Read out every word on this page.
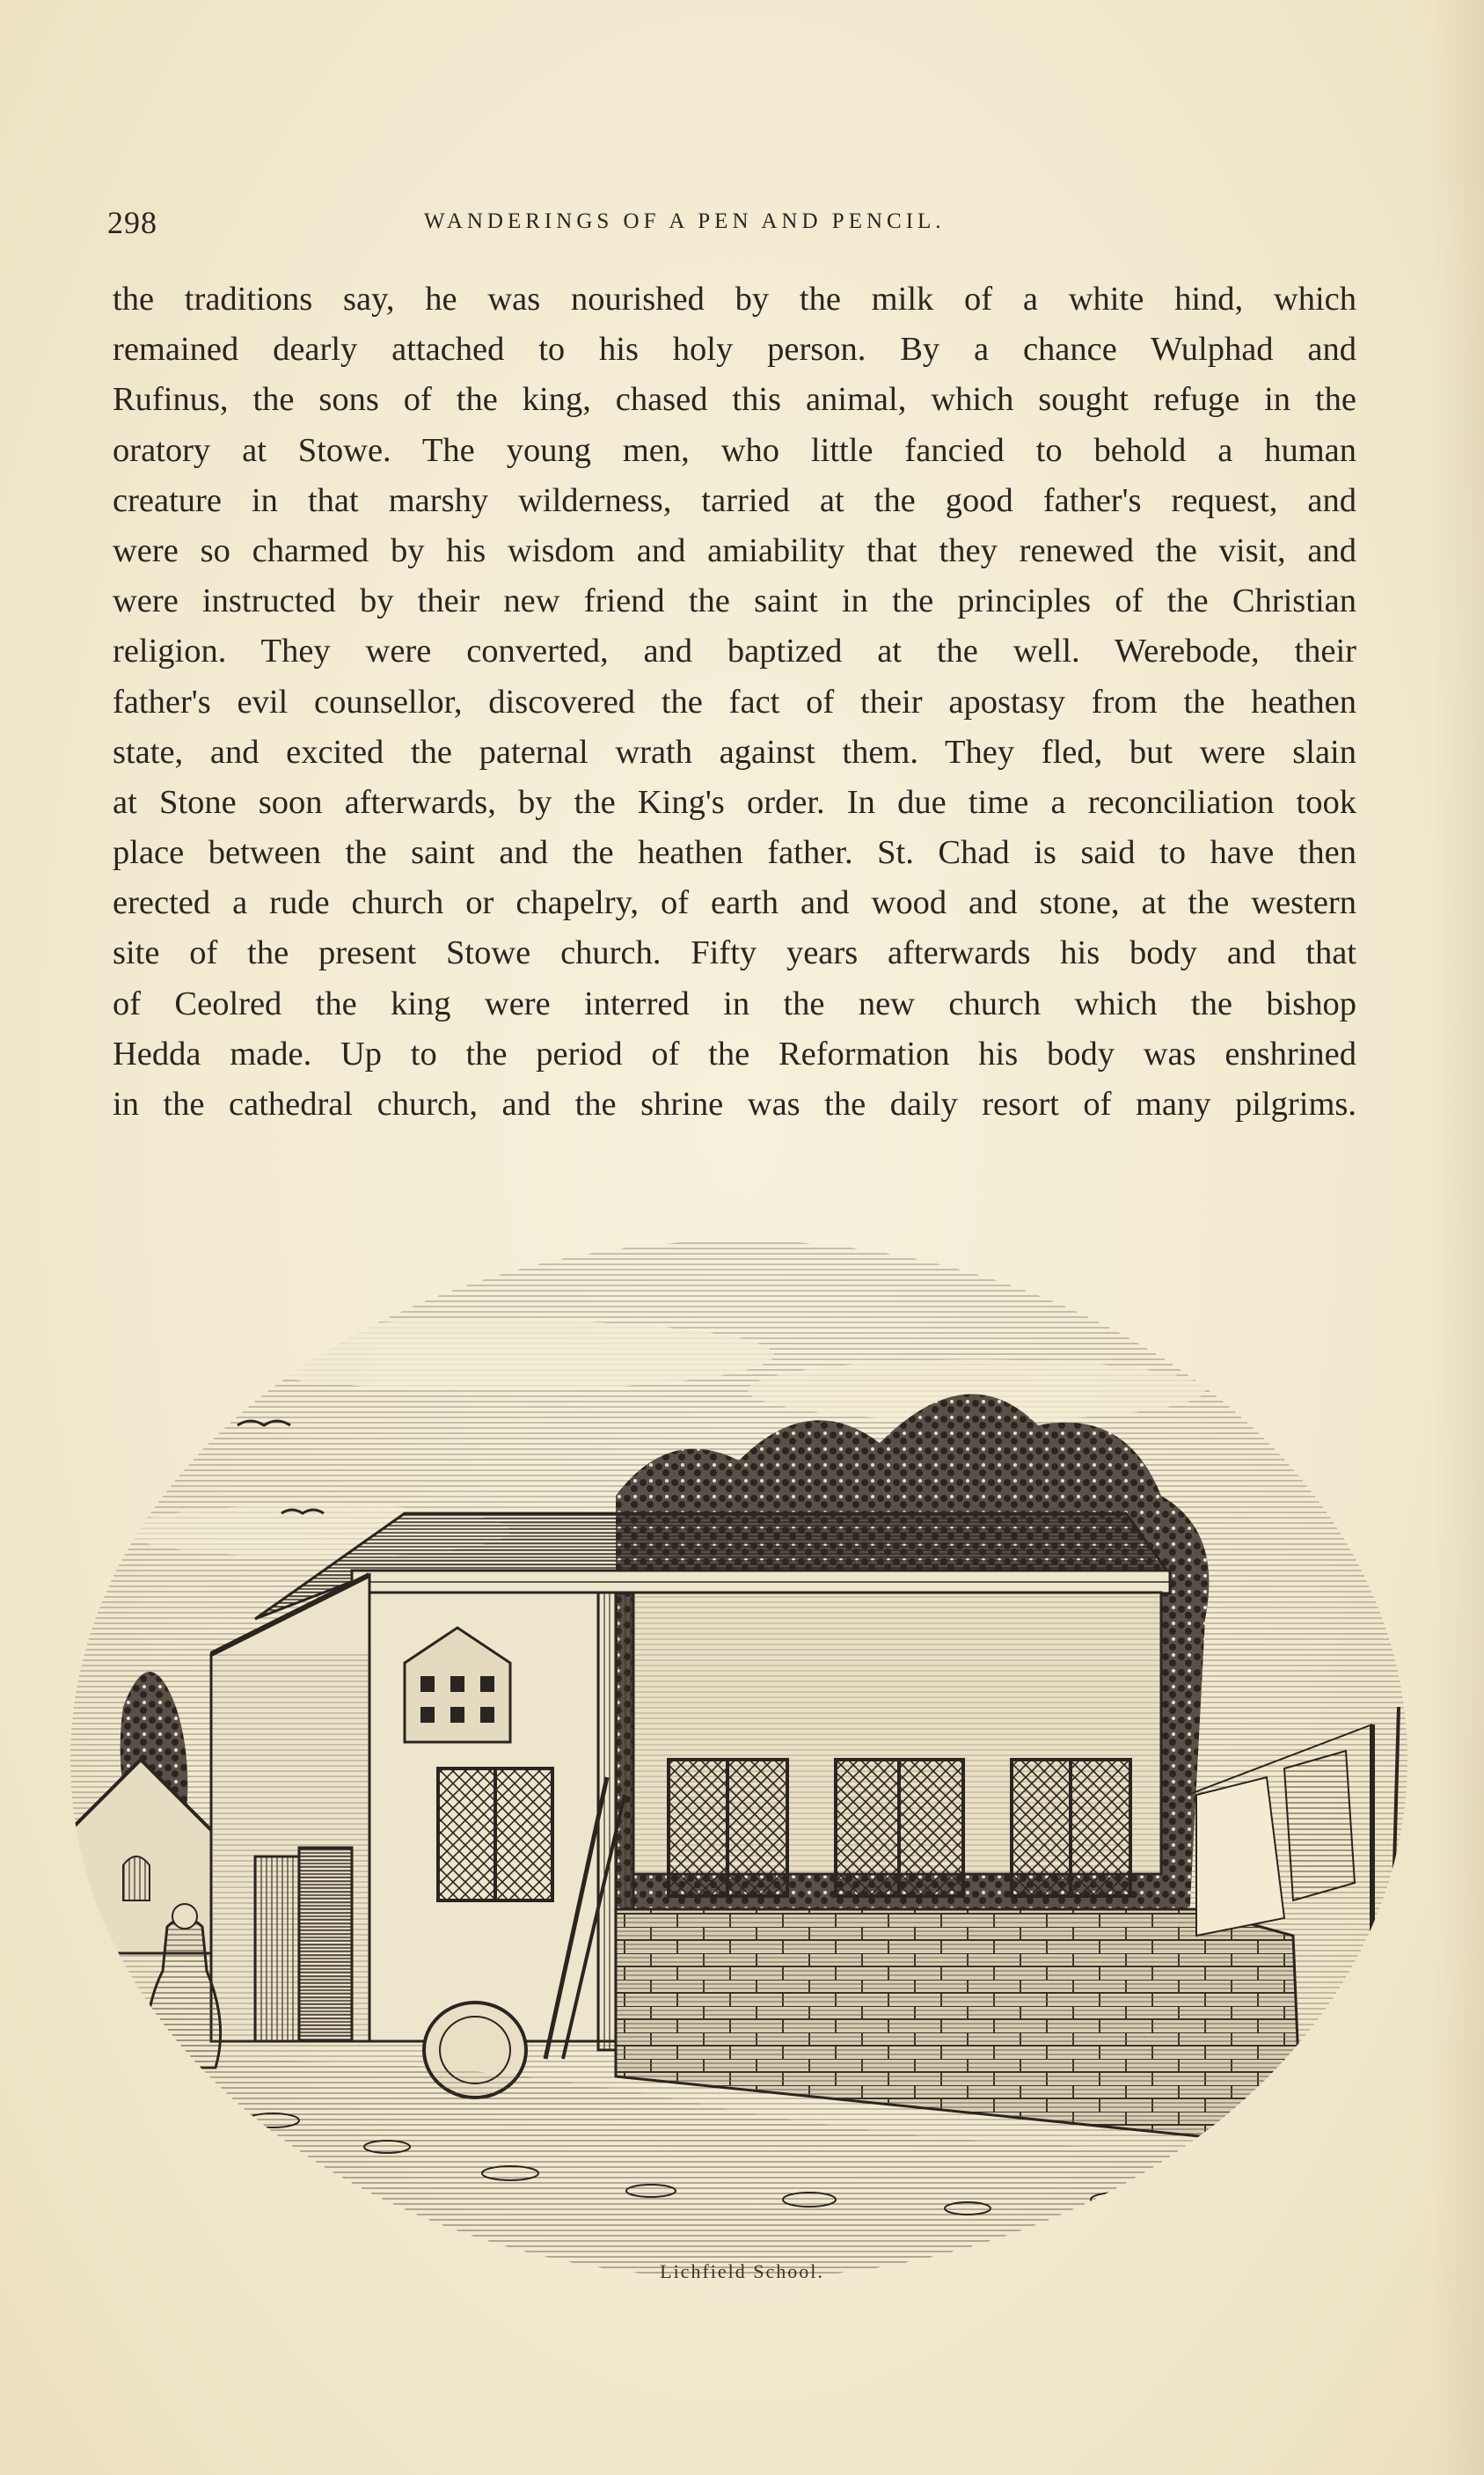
298	WANDERINGS OF A PEN AND PENCIL.
the traditions say, he was nourished by the milk of a white hind, which
remained dearly attached to his holy person. By a chance Wulphad and
Rufinus, the sons of the king, chased this animal, which sought refuge in the
oratory at Stowe. The young men, who little fancied to behold a human
creature in that marshy wilderness, tarried at the good father's request, and
were so charmed by his wisdom and amiability that they renewed the visit, and
were instructed by their new friend the saint in the principles of the Christian
religion. They were converted, and baptized at the well. Werebode, their
father's evil counsellor, discovered the fact of their apostasy from the heathen
state, and excited the paternal wrath against them. They fled, but were slain
at Stone soon afterwards, by the King's order. In due time a reconciliation took
place between the saint and the heathen father. St. Chad is said to have then
erected a rude church or chapelry, of earth and wood and stone, at the western
site of the present Stowe church. Fifty years afterwards his body and that
of Ceolred the king were interred in the new church which the bishop
Hedda made. Up to the period of the Reformation his body was enshrined
in the cathedral church, and the shrine was the daily resort of many pilgrims.
Lichfield School.
